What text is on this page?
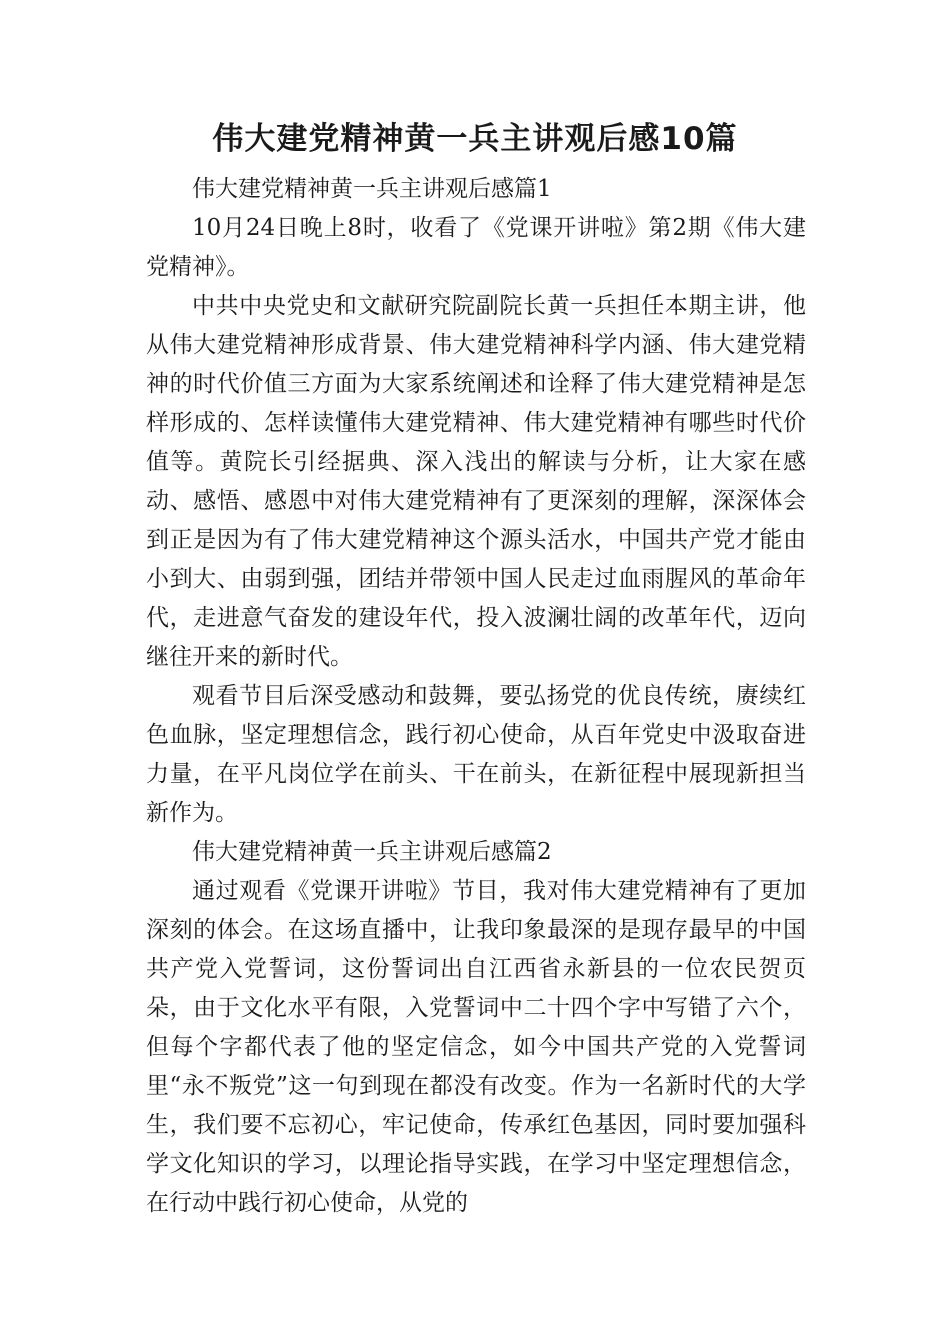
伟大建党精神黄一兵主讲观后感10篇

伟大建党精神黄一兵主讲观后感篇1

10月24日晚上8时，收看了《党课开讲啦》第2期《伟大建党精神》。

中共中央党史和文献研究院副院长黄一兵担任本期主讲，他从伟大建党精神形成背景、伟大建党精神科学内涵、伟大建党精神的时代价值三方面为大家系统阐述和诠释了伟大建党精神是怎样形成的、怎样读懂伟大建党精神、伟大建党精神有哪些时代价值等。黄院长引经据典、深入浅出的解读与分析，让大家在感动、感悟、感恩中对伟大建党精神有了更深刻的理解，深深体会到正是因为有了伟大建党精神这个源头活水，中国共产党才能由小到大、由弱到强，团结并带领中国人民走过血雨腥风的革命年代，走进意气奋发的建设年代，投入波澜壮阔的改革年代，迈向继往开来的新时代。

观看节目后深受感动和鼓舞，要弘扬党的优良传统，赓续红色血脉，坚定理想信念，践行初心使命，从百年党史中汲取奋进力量，在平凡岗位学在前头、干在前头，在新征程中展现新担当新作为。

伟大建党精神黄一兵主讲观后感篇2

通过观看《党课开讲啦》节目，我对伟大建党精神有了更加深刻的体会。在这场直播中，让我印象最深的是现存最早的中国共产党入党誓词，这份誓词出自江西省永新县的一位农民贺页朵，由于文化水平有限，入党誓词中二十四个字中写错了六个，但每个字都代表了他的坚定信念，如今中国共产党的入党誓词里“永不叛党”这一句到现在都没有改变。作为一名新时代的大学生，我们要不忘初心，牢记使命，传承红色基因，同时要加强科学文化知识的学习，以理论指导实践，在学习中坚定理想信念，在行动中践行初心使命，从党的
